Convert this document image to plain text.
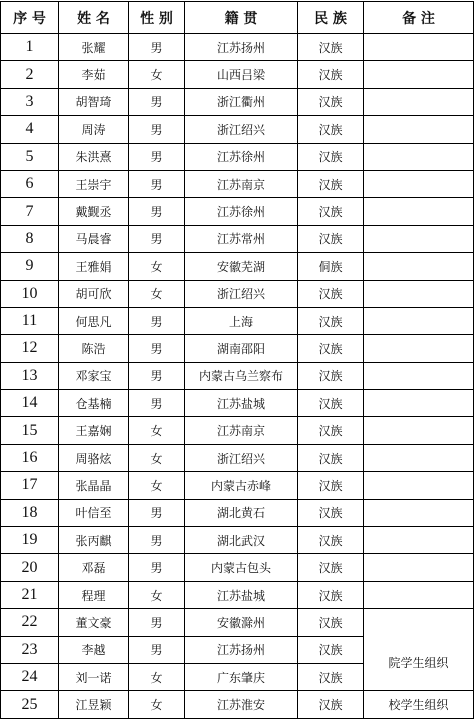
序 号	姓 名	性 别	籍 贯	民 族	备 注
1	张耀	男	江苏扬州	汉族	
2	李茹	女	山西吕梁	汉族	
3	胡智琦	男	浙江衢州	汉族	
4	周涛	男	浙江绍兴	汉族	
5	朱洪熹	男	江苏徐州	汉族	
6	王崇宇	男	江苏南京	汉族	
7	戴觐丞	男	江苏徐州	汉族	
8	马晨睿	男	江苏常州	汉族	
9	王雅娟	女	安徽芜湖	侗族	
10	胡可欣	女	浙江绍兴	汉族	
11	何思凡	男	上海	汉族	
12	陈浩	男	湖南邵阳	汉族	
13	邓家宝	男	内蒙古乌兰察布	汉族	
14	仓基楠	男	江苏盐城	汉族	
15	王嘉娴	女	江苏南京	汉族	
16	周骆炫	女	浙江绍兴	汉族	
17	张晶晶	女	内蒙古赤峰	汉族	
18	叶信至	男	湖北黄石	汉族	
19	张丙麒	男	湖北武汉	汉族	
20	邓磊	男	内蒙古包头	汉族	
21	程理	女	江苏盐城	汉族	
22	董文豪	男	安徽滁州	汉族	院学生组织
23	李越	男	江苏扬州	汉族	
24	刘一诺	女	广东肇庆	汉族	
25	江昱颖	女	江苏淮安	汉族	校学生组织
